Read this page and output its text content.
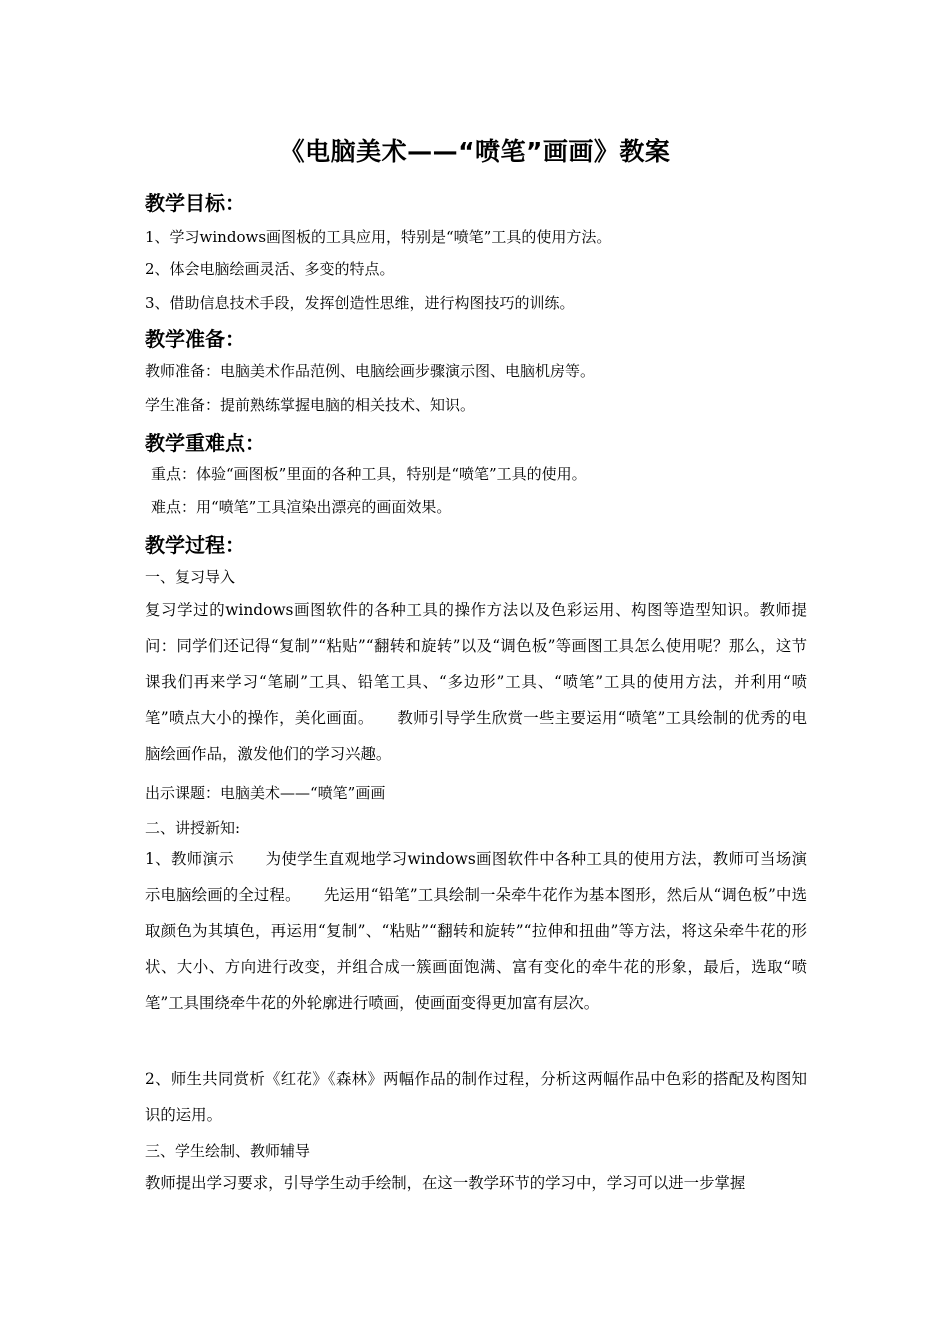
《电脑美术——“喷笔”画画》教案
教学目标：

1、学习windows画图板的工具应用，特别是“喷笔”工具的使用方法。

2、体会电脑绘画灵活、多变的特点。

3、借助信息技术手段，发挥创造性思维，进行构图技巧的训练。

教学准备：

教师准备：电脑美术作品范例、电脑绘画步骤演示图、电脑机房等。

学生准备：提前熟练掌握电脑的相关技术、知识。

教学重难点：

重点：体验“画图板”里面的各种工具，特别是“喷笔”工具的使用。

难点：用“喷笔”工具渲染出漂亮的画面效果。

教学过程：

一、复习导入

复习学过的windows画图软件的各种工具的操作方法以及色彩运用、构图等造型知识。教师提问：同学们还记得“复制”“粘贴”“翻转和旋转”以及“调色板”等画图工具怎么使用呢？那么，这节课我们再来学习“笔刷”工具、铅笔工具、“多边形”工具、“喷笔”工具的使用方法，并利用“喷笔”喷点大小的操作，美化画面。　　教师引导学生欣赏一些主要运用“喷笔”工具绘制的优秀的电脑绘画作品，激发他们的学习兴趣。

出示课题：电脑美术——“喷笔”画画

二、讲授新知:

1、教师演示　　为使学生直观地学习windows画图软件中各种工具的使用方法，教师可当场演示电脑绘画的全过程。　　先运用“铅笔”工具绘制一朵牵牛花作为基本图形，然后从“调色板”中选取颜色为其填色，再运用“复制”、“粘贴”“翻转和旋转”“拉伸和扭曲”等方法，将这朵牵牛花的形状、大小、方向进行改变，并组合成一簇画面饱满、富有变化的牵牛花的形象，最后，选取“喷笔”工具围绕牵牛花的外轮廓进行喷画，使画面变得更加富有层次。

2、师生共同赏析《红花》《森林》两幅作品的制作过程，分析这两幅作品中色彩的搭配及构图知识的运用。

三、学生绘制、教师辅导

教师提出学习要求，引导学生动手绘制，在这一教学环节的学习中，学习可以进一步掌握
